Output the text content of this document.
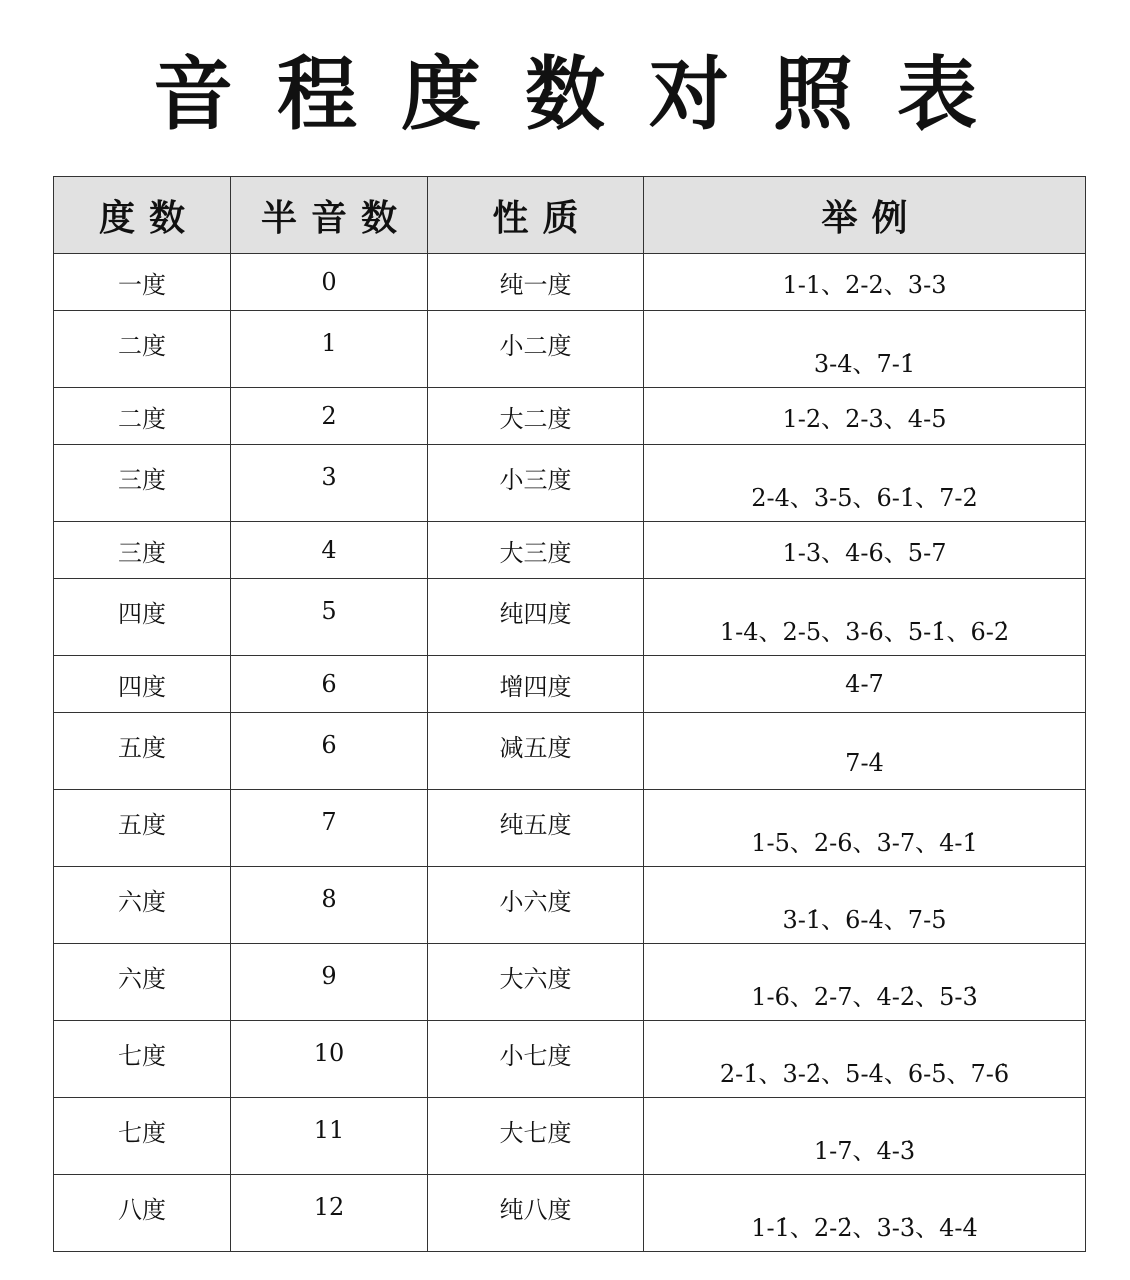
音程度数对照表
度数	半音数	性质	举例
一度	0	纯一度	1-1、2-2、3-3
二度	1	小二度	3-4、7-1̇
二度	2	大二度	1-2、2-3、4-5
三度	3	小三度	2-4、3-5、6-1̇、7-2̇
三度	4	大三度	1-3、4-6、5-7
四度	5	纯四度	1-4、2-5、3-6、5-1̇、6-2̇
四度	6	增四度	4-7
五度	6	减五度	7-4̇
五度	7	纯五度	1-5、2-6、3-7、4-1̇
六度	8	小六度	3-1̇、6-4̇、7-5̇
六度	9	大六度	1-6、2-7、4-2̇、5-3̇
七度	10	小七度	2-1̇、3-2̇、5-4̇、6-5̇、7-6̇
七度	11	大七度	1-7、4-3̇
八度	12	纯八度	1-1̇、2-2̇、3-3̇、4-4̇
